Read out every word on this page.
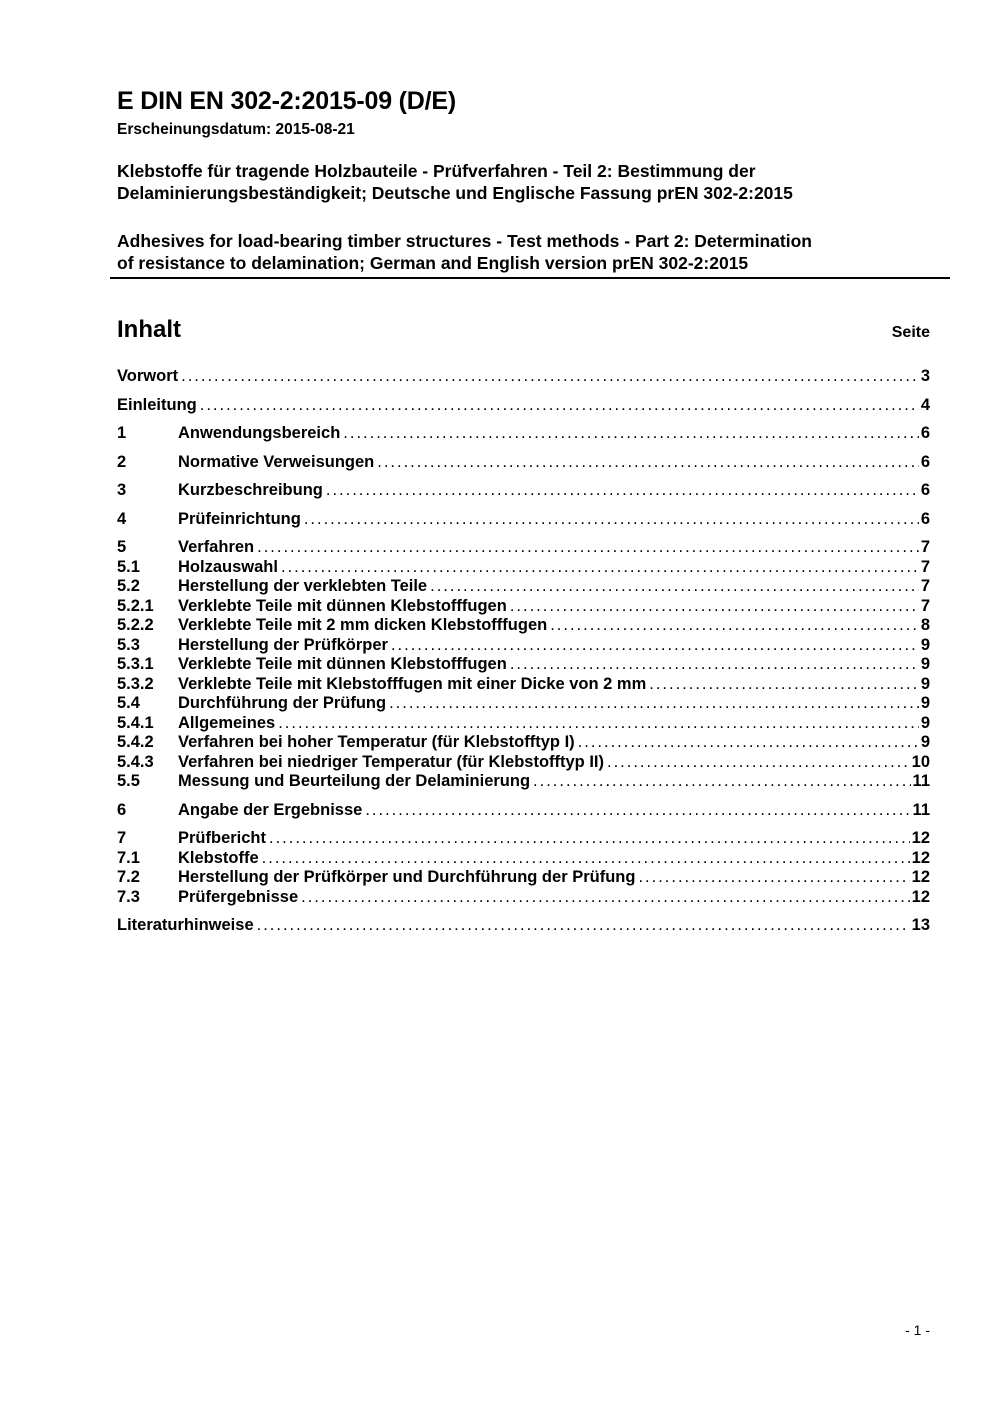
E DIN EN 302-2:2015-09 (D/E)

Erscheinungsdatum: 2015-08-21

Klebstoffe für tragende Holzbauteile - Prüfverfahren - Teil 2: Bestimmung der
Delaminierungsbeständigkeit; Deutsche und Englische Fassung prEN 302-2:2015
Adhesives for load-bearing timber structures - Test methods - Part 2: Determination
of resistance to delamination; German and English version prEN 302-2:2015
Inhalt	Seite
Vorwort .....	3
Einleitung .....	4
1	Anwendungsbereich .....	6
2	Normative Verweisungen .....	6
3	Kurzbeschreibung .....	6
4	Prüfeinrichtung .....	6
5	Verfahren .....	7
5.1	Holzauswahl .....	7
5.2	Herstellung der verklebten Teile .....	7
5.2.1	Verklebte Teile mit dünnen Klebstofffugen .....	7
5.2.2	Verklebte Teile mit 2 mm dicken Klebstofffugen .....	8
5.3	Herstellung der Prüfkörper .....	9
5.3.1	Verklebte Teile mit dünnen Klebstofffugen .....	9
5.3.2	Verklebte Teile mit Klebstofffugen mit einer Dicke von 2 mm .....	9
5.4	Durchführung der Prüfung .....	9
5.4.1	Allgemeines .....	9
5.4.2	Verfahren bei hoher Temperatur (für Klebstofftyp I) .....	9
5.4.3	Verfahren bei niedriger Temperatur (für Klebstofftyp II) .....	10
5.5	Messung und Beurteilung der Delaminierung .....	11
6	Angabe der Ergebnisse .....	11
7	Prüfbericht .....	12
7.1	Klebstoffe .....	12
7.2	Herstellung der Prüfkörper und Durchführung der Prüfung .....	12
7.3	Prüfergebnisse .....	12
Literaturhinweise .....	13
- 1 -
